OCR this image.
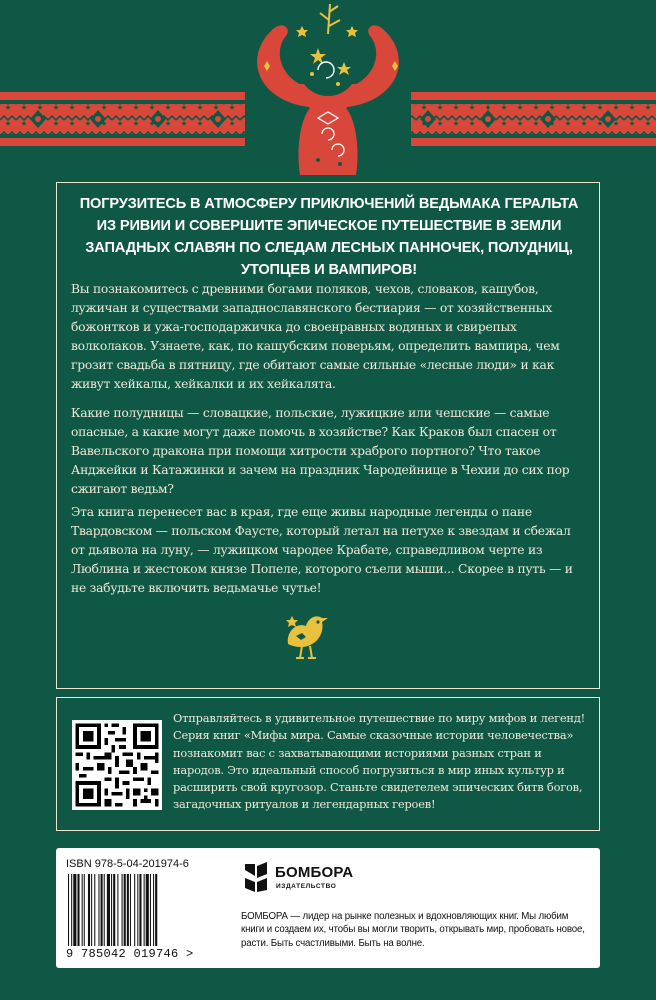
ПОГРУЗИТЕСЬ В АТМОСФЕРУ ПРИКЛЮЧЕНИЙ ВЕДЬМАКА ГЕРАЛЬТА ИЗ РИВИИ И СОВЕРШИТЕ ЭПИЧЕСКОЕ ПУТЕШЕСТВИЕ В ЗЕМЛИ ЗАПАДНЫХ СЛАВЯН ПО СЛЕДАМ ЛЕСНЫХ ПАННОЧЕК, ПОЛУДНИЦ, УТОПЦЕВ И ВАМПИРОВ!

Вы познакомитесь с древними богами поляков, чехов, словаков, кашубов, лужичан и существами западнославянского бестиария — от хозяйственных божонтков и ужа-господаржичка до своенравных водяных и свирепых волколаков. Узнаете, как, по кашубским поверьям, определить вампира, чем грозит свадьба в пятницу, где обитают самые сильные «лесные люди» и как живут хейкалы, хейкалки и их хейкалята.

Какие полудницы — словацкие, польские, лужицкие или чешские — самые опасные, а какие могут даже помочь в хозяйстве? Как Краков был спасен от Вавельского дракона при помощи хитрости храброго портного? Что такое Анджейки и Катажинки и зачем на праздник Чародейнице в Чехии до сих пор сжигают ведьм?

Эта книга перенесет вас в края, где еще живы народные легенды о пане Твардовском — польском Фаусте, который летал на петухе к звездам и сбежал от дьявола на луну, — лужицком чародее Крабате, справедливом черте из Люблина и жестоком князе Попеле, которого съели мыши... Скорее в путь — и не забудьте включить ведьмачье чутье!

Отправляйтесь в удивительное путешествие по миру мифов и легенд! Серия книг «Мифы мира. Самые сказочные истории человечества» познакомит вас с захватывающими историями разных стран и народов. Это идеальный способ погрузиться в мир иных культур и расширить свой кругозор. Станьте свидетелем эпических битв богов, загадочных ритуалов и легендарных героев!

ISBN 978-5-04-201974-6

9 785042 019746 >

БОМБОРА

ИЗДАТЕЛЬСТВО

БОМБОРА — лидер на рынке полезных и вдохновляющих книг. Мы любим книги и создаем их, чтобы вы могли творить, открывать мир, пробовать новое, расти. Быть счастливыми. Быть на волне.
